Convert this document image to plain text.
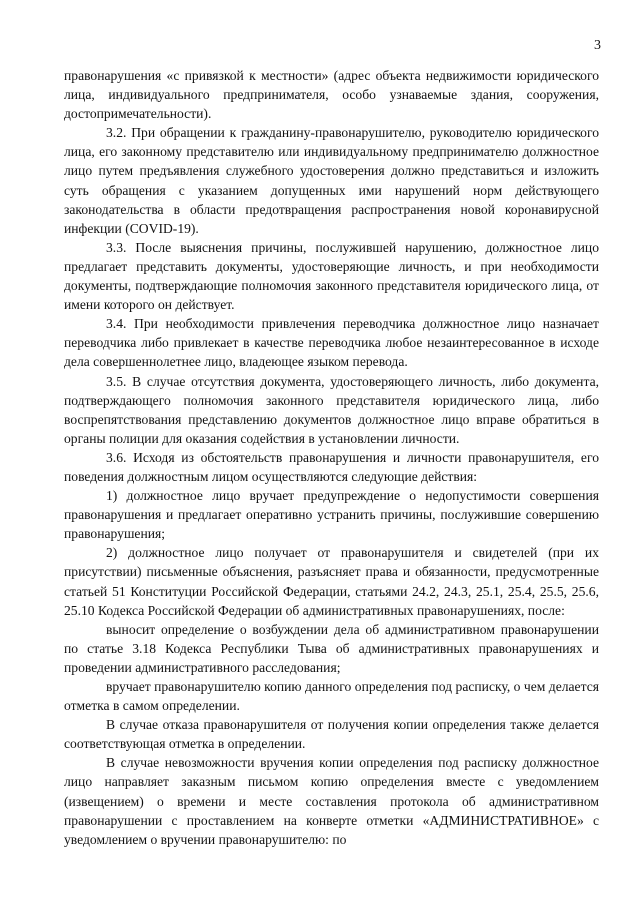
3

правонарушения «с привязкой к местности» (адрес объекта недвижимости юридического лица, индивидуального предпринимателя, особо узнаваемые здания, сооружения, достопримечательности).

3.2. При обращении к гражданину-правонарушителю, руководителю юридического лица, его законному представителю или индивидуальному предпринимателю должностное лицо путем предъявления служебного удостоверения должно представиться и изложить суть обращения с указанием допущенных ими нарушений норм действующего законодательства в области предотвращения распространения новой коронавирусной инфекции (COVID-19).

3.3. После выяснения причины, послужившей нарушению, должностное лицо предлагает представить документы, удостоверяющие личность, и при необходимости документы, подтверждающие полномочия законного представителя юридического лица, от имени которого он действует.

3.4. При необходимости привлечения переводчика должностное лицо назначает переводчика либо привлекает в качестве переводчика любое незаинтересованное в исходе дела совершеннолетнее лицо, владеющее языком перевода.

3.5. В случае отсутствия документа, удостоверяющего личность, либо документа, подтверждающего полномочия законного представителя юридического лица, либо воспрепятствования представлению документов должностное лицо вправе обратиться в органы полиции для оказания содействия в установлении личности.

3.6. Исходя из обстоятельств правонарушения и личности правонарушителя, его поведения должностным лицом осуществляются следующие действия:

1) должностное лицо вручает предупреждение о недопустимости совершения правонарушения и предлагает оперативно устранить причины, послужившие совершению правонарушения;

2) должностное лицо получает от правонарушителя и свидетелей (при их присутствии) письменные объяснения, разъясняет права и обязанности, предусмотренные статьей 51 Конституции Российской Федерации, статьями 24.2, 24.3, 25.1, 25.4, 25.5, 25.6, 25.10 Кодекса Российской Федерации об административных правонарушениях, после:

выносит определение о возбуждении дела об административном правонарушении по статье 3.18 Кодекса Республики Тыва об административных правонарушениях и проведении административного расследования;

вручает правонарушителю копию данного определения под расписку, о чем делается отметка в самом определении.

В случае отказа правонарушителя от получения копии определения также делается соответствующая отметка в определении.

В случае невозможности вручения копии определения под расписку должностное лицо направляет заказным письмом копию определения вместе с уведомлением (извещением) о времени и месте составления протокола об административном правонарушении с проставлением на конверте отметки «АДМИНИСТРАТИВНОЕ» с уведомлением о вручении правонарушителю: по
